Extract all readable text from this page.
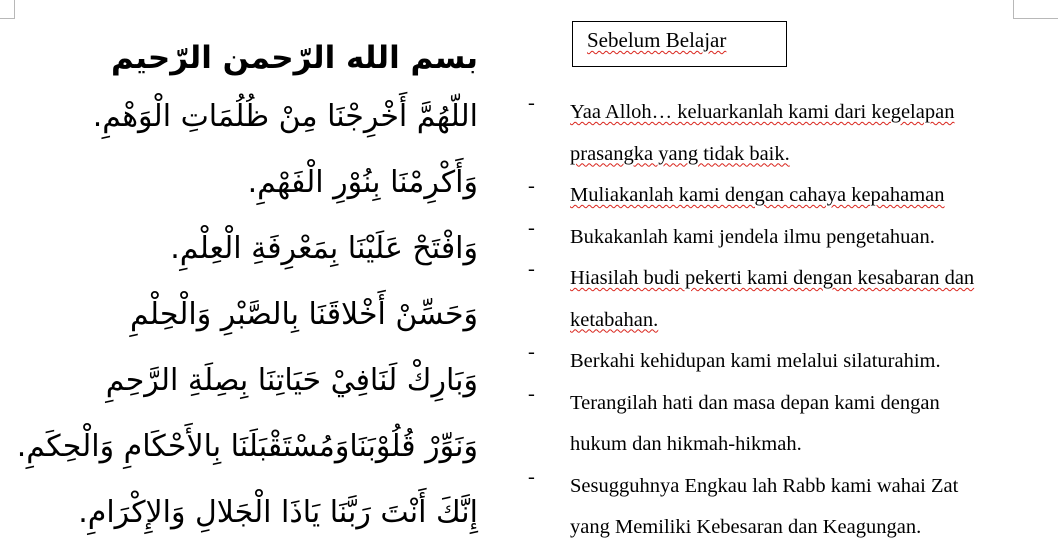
بسم الله الرّحمن الرّحيم
اللّهُمَّ أَخْرِجْنَا مِنْ ظُلُمَاتِ الْوَهْمِ.
وَأَكْرِمْنَا بِنُوْرِ الْفَهْمِ.
وَافْتَحْ عَلَيْنَا بِمَعْرِفَةِ الْعِلْمِ.
وَحَسِّنْ أَخْلاقَنَا بِالصَّبْرِ وَالْحِلْمِ
وَبَارِكْ لَنَافِيْ حَيَاتِنَا بِصِلَةِ الرَّحِمِ
وَنَوِّرْ قُلُوْبَنَاوَمُسْتَقْبَلَنَا بِالأَحْكَامِ وَالْحِكَمِ.
إِنَّكَ أَنْتَ رَبَّنَا يَاذَا الْجَلالِ وَالإِكْرَامِ.
Sebelum Belajar
- Yaa Alloh… keluarkanlah kami dari kegelapan
prasangka yang tidak baik.
- Muliakanlah kami dengan cahaya kepahaman
- Bukakanlah kami jendela ilmu pengetahuan.
- Hiasilah budi pekerti kami dengan kesabaran dan
ketabahan.
- Berkahi kehidupan kami melalui silaturahim.
- Terangilah hati dan masa depan kami dengan
hukum dan hikmah-hikmah.
- Sesugguhnya Engkau lah Rabb kami wahai Zat
yang Memiliki Kebesaran dan Keagungan.
